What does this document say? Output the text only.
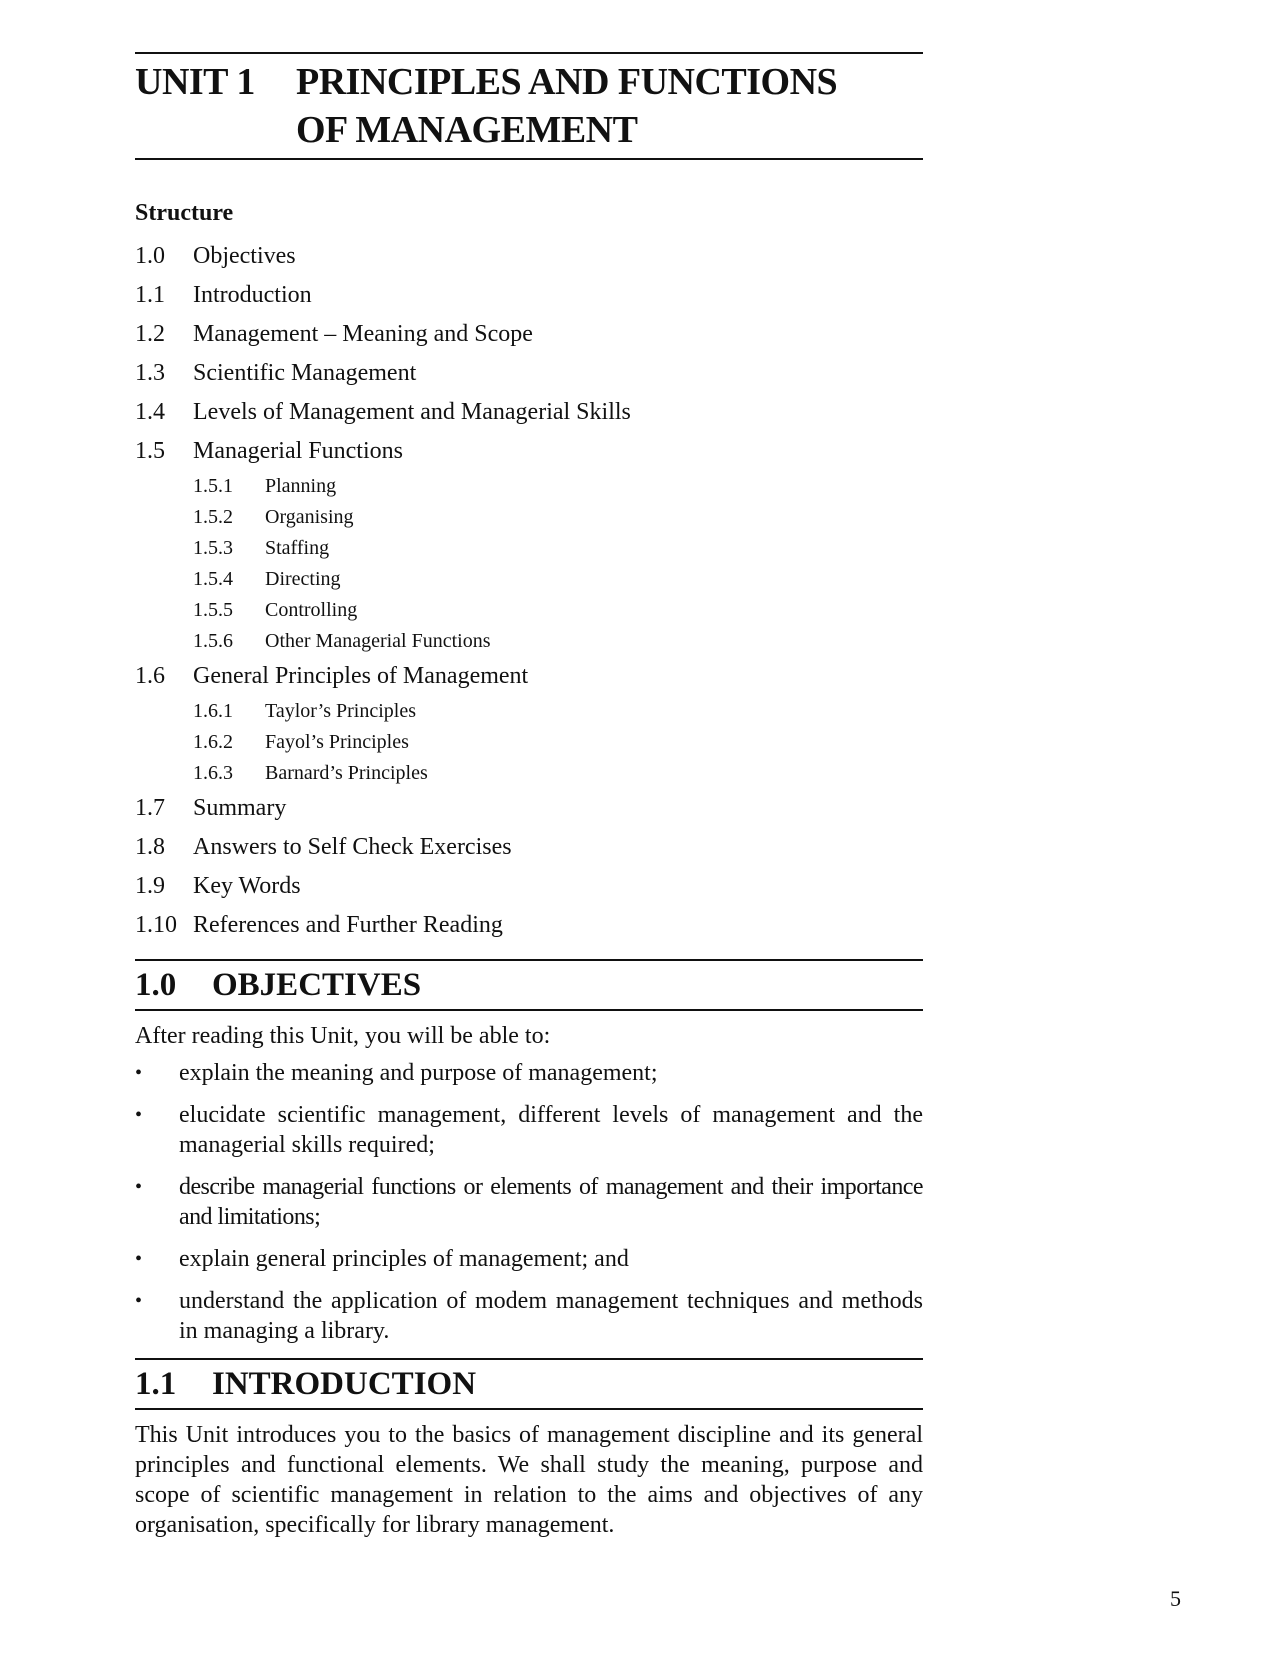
UNIT 1	PRINCIPLES AND FUNCTIONS
OF MANAGEMENT
Structure
1.0	Objectives
1.1	Introduction
1.2	Management – Meaning and Scope
1.3	Scientific Management
1.4	Levels of Management and Managerial Skills
1.5	Managerial Functions
1.5.1	Planning
1.5.2	Organising
1.5.3	Staffing
1.5.4	Directing
1.5.5	Controlling
1.5.6	Other Managerial Functions
1.6	General Principles of Management
1.6.1	Taylor’s Principles
1.6.2	Fayol’s Principles
1.6.3	Barnard’s Principles
1.7	Summary
1.8	Answers to Self Check Exercises
1.9	Key Words
1.10 References and Further Reading
1.0	OBJECTIVES
After reading this Unit, you will be able to:
•	explain the meaning and purpose of management;
•	elucidate scientific management, different levels of management and the managerial skills required;
•	describe managerial functions or elements of management and their importance and limitations;
•	explain general principles of management; and
•	understand the application of modem management techniques and methods in managing a library.
1.1	INTRODUCTION
This Unit introduces you to the basics of management discipline and its general principles and functional elements. We shall study the meaning, purpose and scope of scientific management in relation to the aims and objectives of any organisation, specifically for library management.
5
